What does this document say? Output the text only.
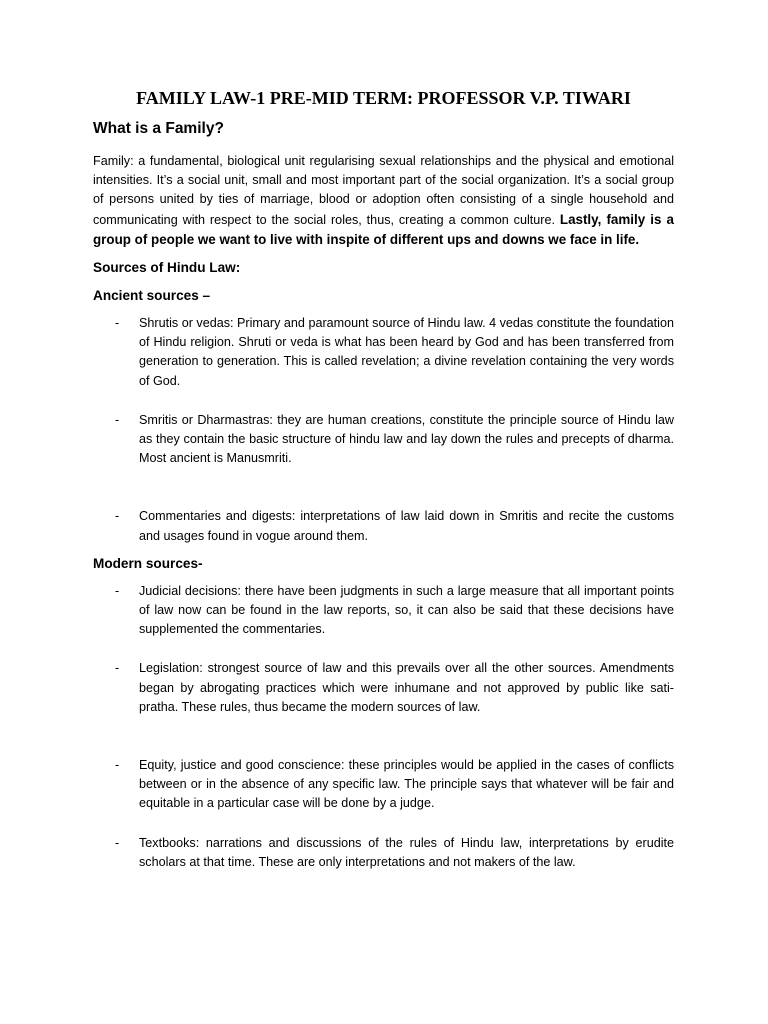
FAMILY LAW-1 PRE-MID TERM: PROFESSOR V.P. TIWARI
What is a Family?

Family: a fundamental, biological unit regularising sexual relationships and the physical and emotional intensities. It’s a social unit, small and most important part of the social organization. It’s a social group of persons united by ties of marriage, blood or adoption often consisting of a single household and communicating with respect to the social roles, thus, creating a common culture. Lastly, family is a group of people we want to live with inspite of different ups and downs we face in life.

Sources of Hindu Law:
Ancient sources –
- Shrutis or vedas: Primary and paramount source of Hindu law. 4 vedas constitute the foundation of Hindu religion. Shruti or veda is what has been heard by God and has been transferred from generation to generation. This is called revelation; a divine revelation containing the very words of God.
- Smritis or Dharmastras: they are human creations, constitute the principle source of Hindu law as they contain the basic structure of hindu law and lay down the rules and precepts of dharma. Most ancient is Manusmriti.
- Commentaries and digests: interpretations of law laid down in Smritis and recite the customs and usages found in vogue around them.
Modern sources-
- Judicial decisions: there have been judgments in such a large measure that all important points of law now can be found in the law reports, so, it can also be said that these decisions have supplemented the commentaries.
- Legislation: strongest source of law and this prevails over all the other sources. Amendments began by abrogating practices which were inhumane and not approved by public like sati-pratha. These rules, thus became the modern sources of law.
- Equity, justice and good conscience: these principles would be applied in the cases of conflicts between or in the absence of any specific law. The principle says that whatever will be fair and equitable in a particular case will be done by a judge.
- Textbooks: narrations and discussions of the rules of Hindu law, interpretations by erudite scholars at that time. These are only interpretations and not makers of the law.
